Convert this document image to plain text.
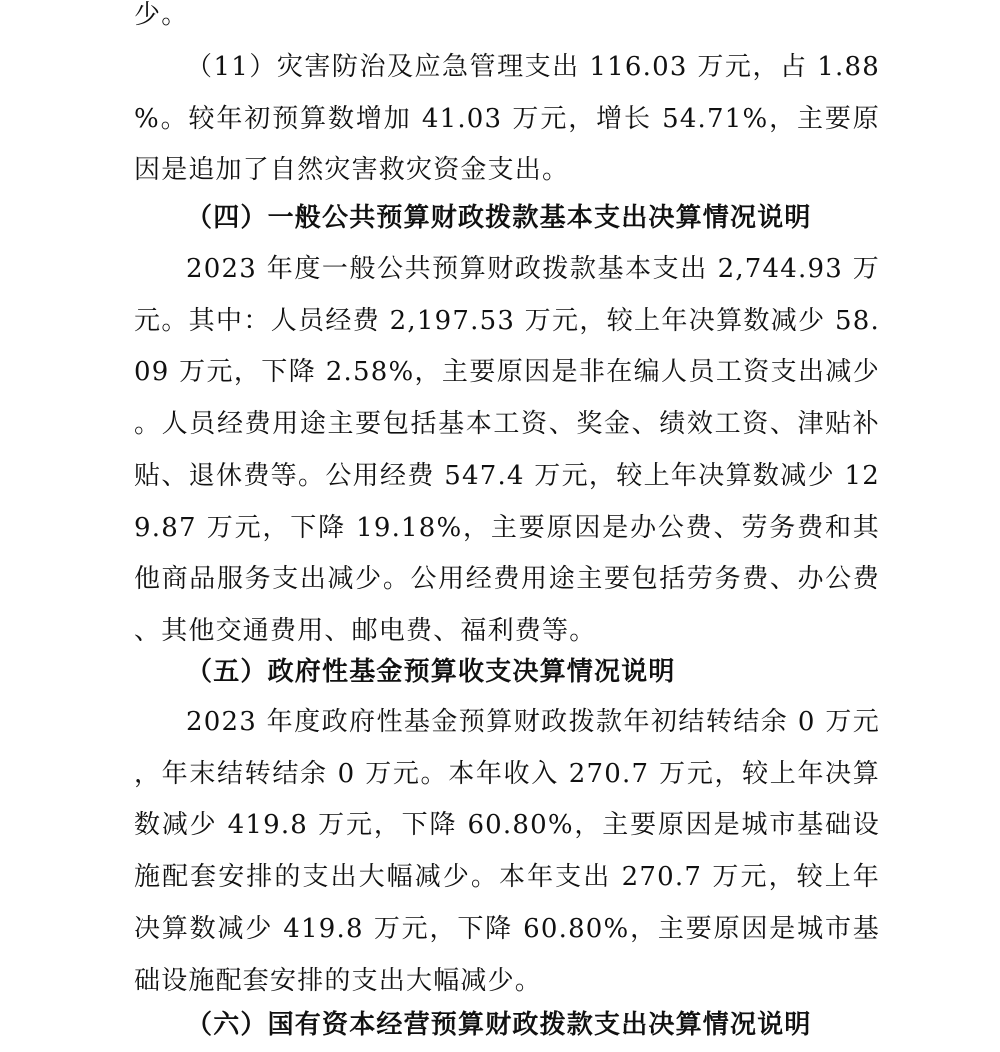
少。

（11）灾害防治及应急管理支出 116.03 万元，占 1.88%。较年初预算数增加 41.03 万元，增长 54.71%，主要原因是追加了自然灾害救灾资金支出。

（四）一般公共预算财政拨款基本支出决算情况说明

2023 年度一般公共预算财政拨款基本支出 2,744.93 万元。其中：人员经费 2,197.53 万元，较上年决算数减少 58.09 万元，下降 2.58%，主要原因是非在编人员工资支出减少。人员经费用途主要包括基本工资、奖金、绩效工资、津贴补贴、退休费等。公用经费 547.4 万元，较上年决算数减少 129.87 万元，下降 19.18%，主要原因是办公费、劳务费和其他商品服务支出减少。公用经费用途主要包括劳务费、办公费、其他交通费用、邮电费、福利费等。

（五）政府性基金预算收支决算情况说明

2023 年度政府性基金预算财政拨款年初结转结余 0 万元，年末结转结余 0 万元。本年收入 270.7 万元，较上年决算数减少 419.8 万元，下降 60.80%，主要原因是城市基础设施配套安排的支出大幅减少。本年支出 270.7 万元，较上年决算数减少 419.8 万元，下降 60.80%，主要原因是城市基础设施配套安排的支出大幅减少。

（六）国有资本经营预算财政拨款支出决算情况说明
